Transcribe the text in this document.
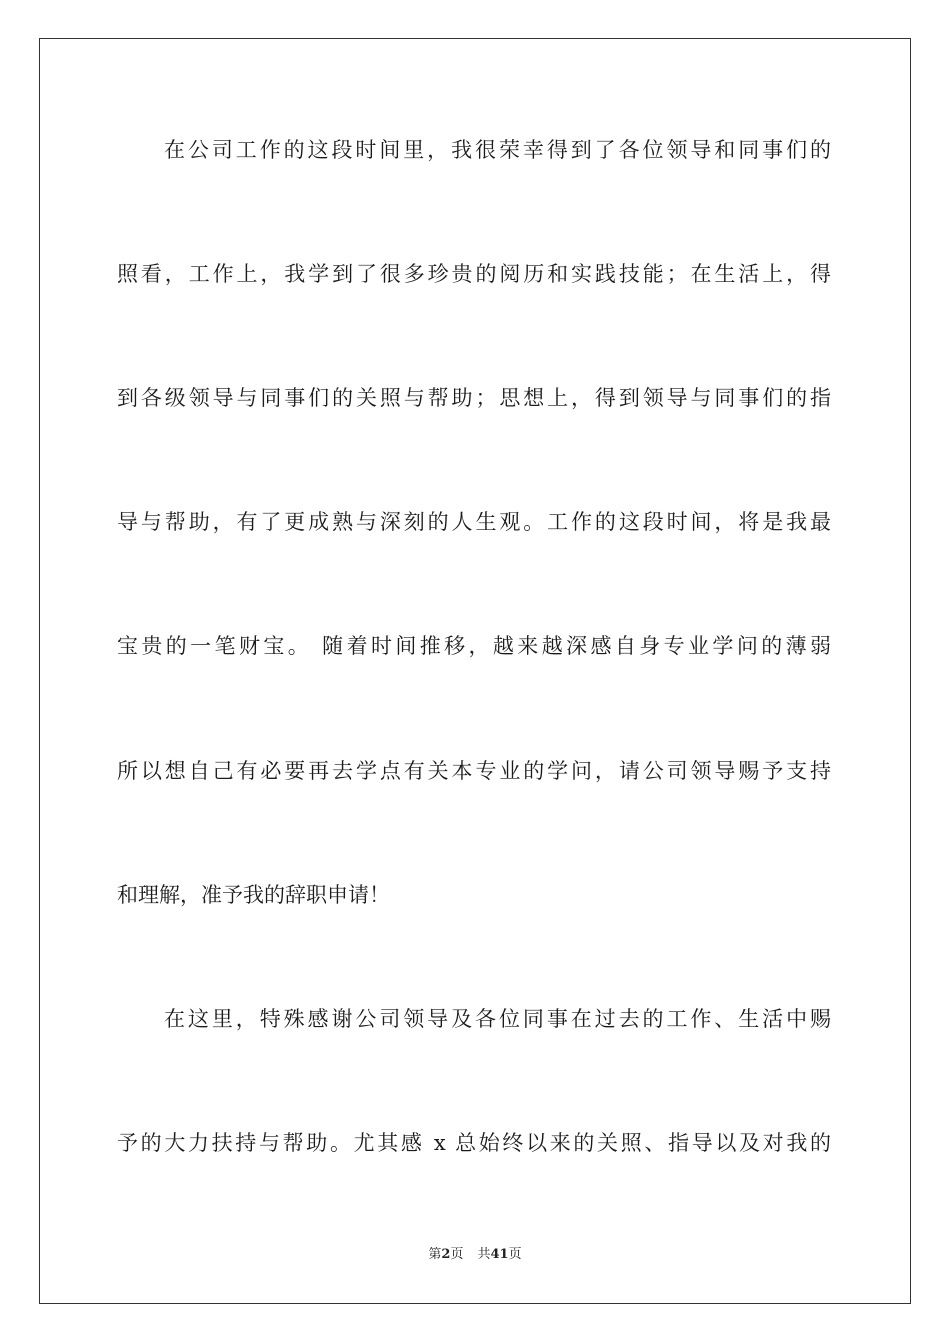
在公司工作的这段时间里，我很荣幸得到了各位领导和同事们的
照看，工作上，我学到了很多珍贵的阅历和实践技能；在生活上，得
到各级领导与同事们的关照与帮助；思想上，得到领导与同事们的指
导与帮助，有了更成熟与深刻的人生观。工作的这段时间，将是我最
宝贵的一笔财宝。 随着时间推移，越来越深感自身专业学问的薄弱
所以想自己有必要再去学点有关本专业的学问，请公司领导赐予支持
和理解，准予我的辞职申请！
在这里，特殊感谢公司领导及各位同事在过去的工作、生活中赐
予的大力扶持与帮助。尤其感 x 总始终以来的关照、指导以及对我的
第2页 共41页
